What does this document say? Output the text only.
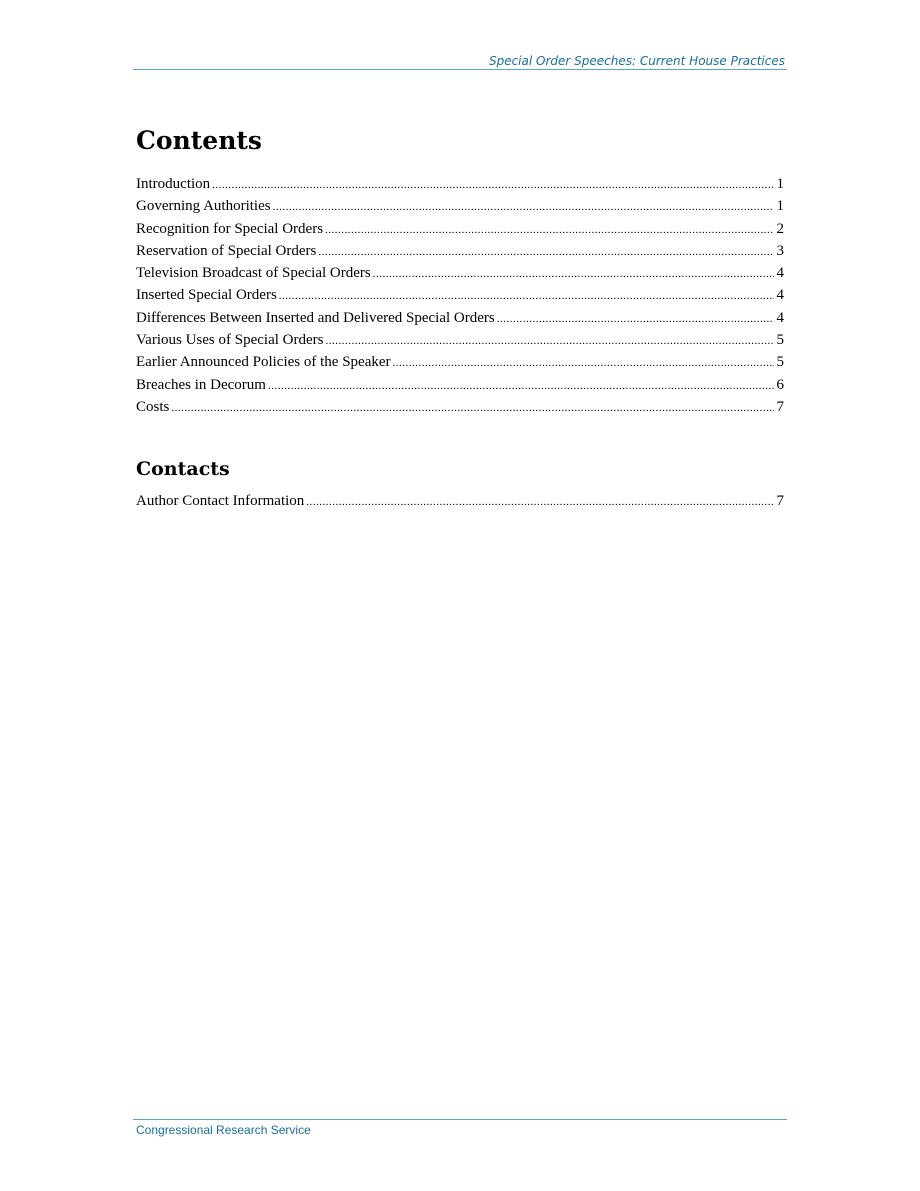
Special Order Speeches: Current House Practices
Contents
Introduction .....	1
Governing Authorities .....	1
Recognition for Special Orders .....	2
Reservation of Special Orders .....	3
Television Broadcast of Special Orders .....	4
Inserted Special Orders .....	4
Differences Between Inserted and Delivered Special Orders .....	4
Various Uses of Special Orders .....	5
Earlier Announced Policies of the Speaker .....	5
Breaches in Decorum .....	6
Costs .....	7
Contacts
Author Contact Information .....	7
Congressional Research Service
